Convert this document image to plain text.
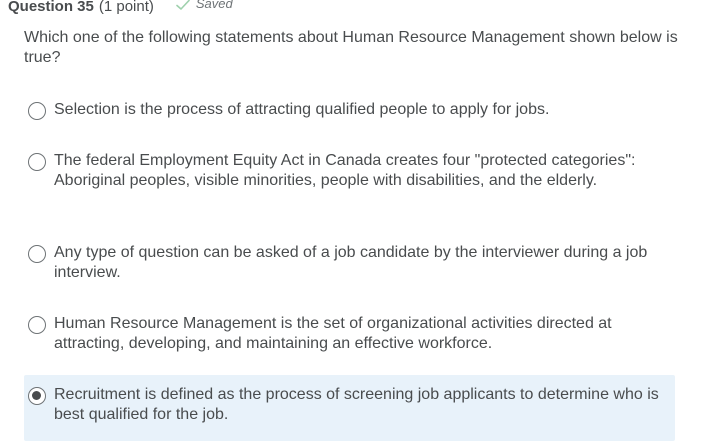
Question 35 (1 point)	Saved
Which one of the following statements about Human Resource Management shown below is true?
Selection is the process of attracting qualified people to apply for jobs.
The federal Employment Equity Act in Canada creates four "protected categories": Aboriginal peoples, visible minorities, people with disabilities, and the elderly.
Any type of question can be asked of a job candidate by the interviewer during a job interview.
Human Resource Management is the set of organizational activities directed at attracting, developing, and maintaining an effective workforce.
Recruitment is defined as the process of screening job applicants to determine who is best qualified for the job.
